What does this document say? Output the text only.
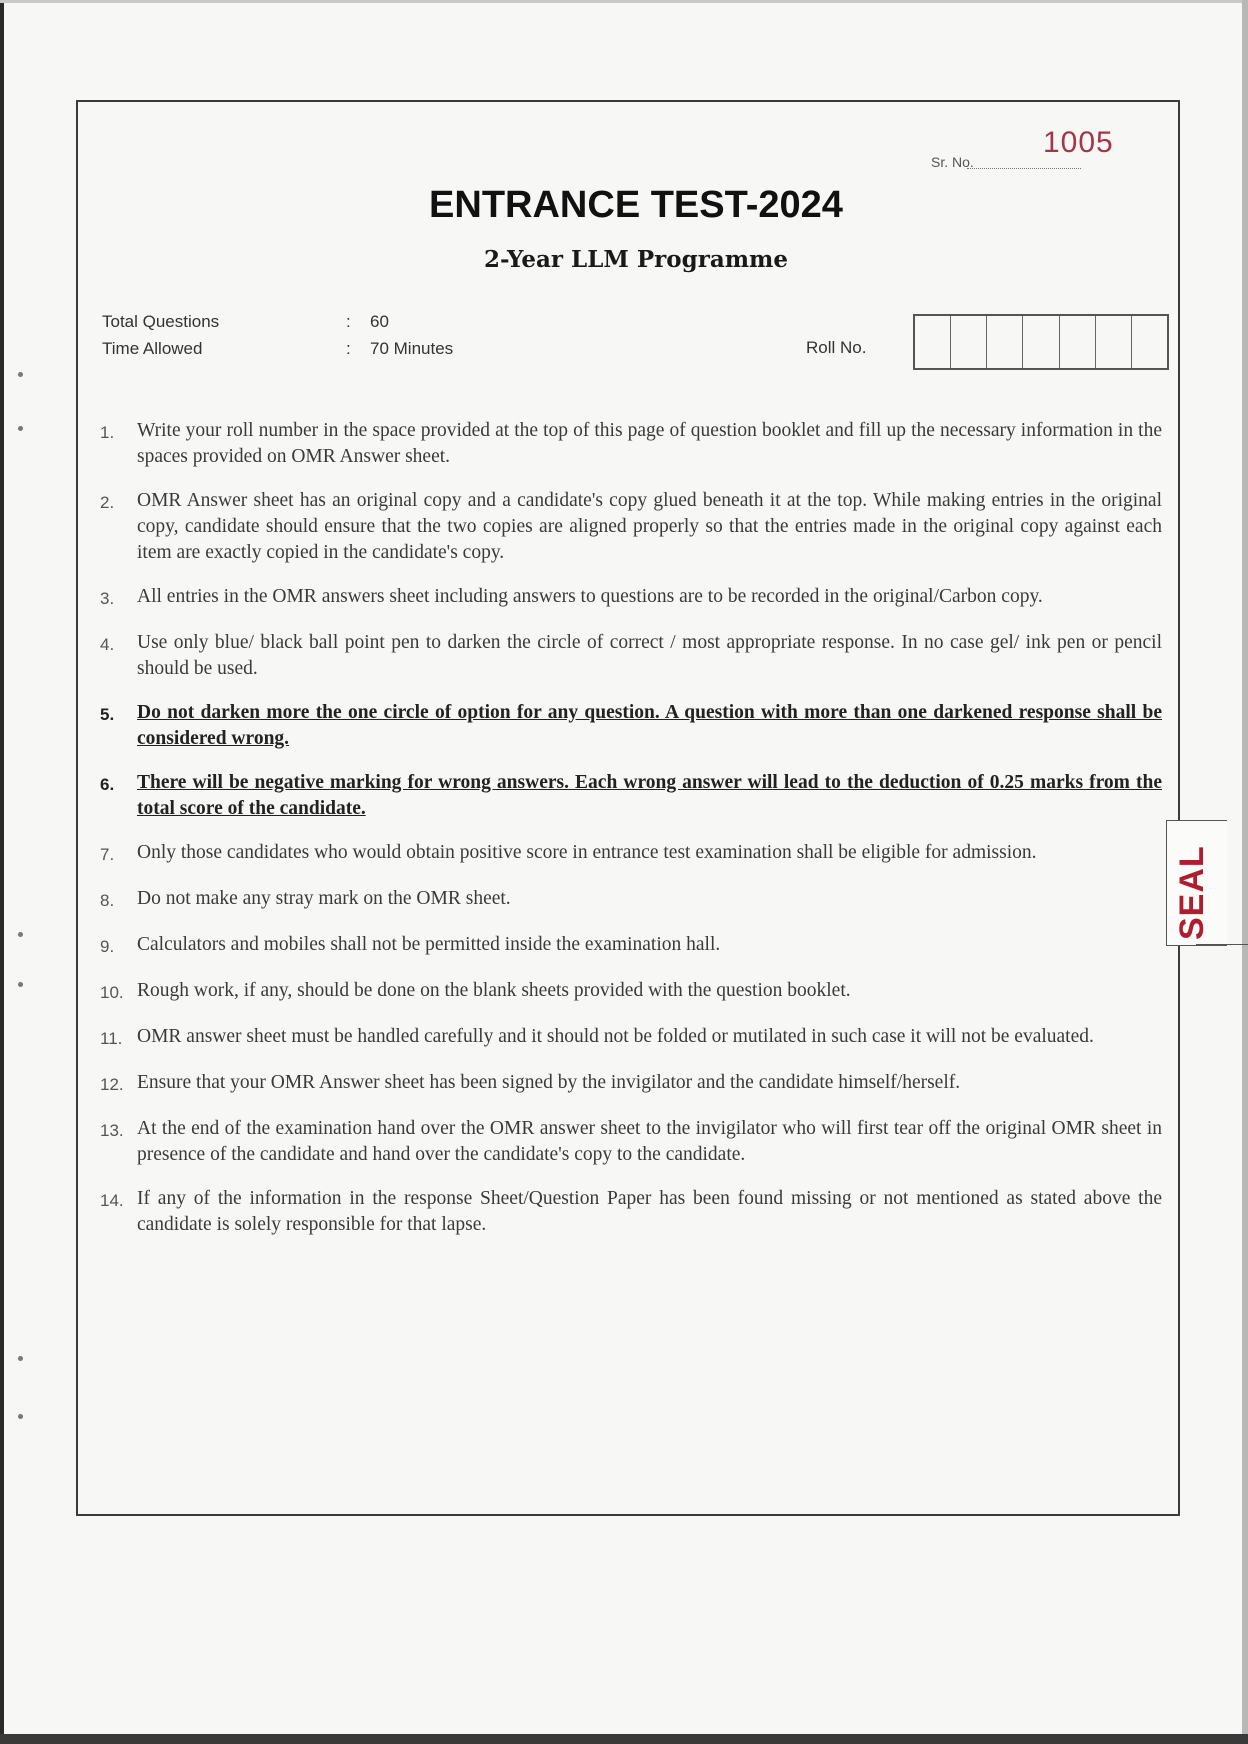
Sr. No.
1005
ENTRANCE TEST-2024
2-Year LLM Programme
Total Questions	: 60
Time Allowed	: 70 Minutes	Roll No.
1.	Write your roll number in the space provided at the top of this page of question booklet and fill up the necessary information in the spaces provided on OMR Answer sheet.
2.	OMR Answer sheet has an original copy and a candidate's copy glued beneath it at the top. While making entries in the original copy, candidate should ensure that the two copies are aligned properly so that the entries made in the original copy against each item are exactly copied in the candidate's copy.
3.	All entries in the OMR answers sheet including answers to questions are to be recorded in the original/Carbon copy.
4.	Use only blue/ black ball point pen to darken the circle of correct / most appropriate response. In no case gel/ ink pen or pencil should be used.
5.	Do not darken more the one circle of option for any question. A question with more than one darkened response shall be considered wrong.
6.	There will be negative marking for wrong answers. Each wrong answer will lead to the deduction of 0.25 marks from the total score of the candidate.
7.	Only those candidates who would obtain positive score in entrance test examination shall be eligible for admission.
8.	Do not make any stray mark on the OMR sheet.
9.	Calculators and mobiles shall not be permitted inside the examination hall.
10. Rough work, if any, should be done on the blank sheets provided with the question booklet.
11. OMR answer sheet must be handled carefully and it should not be folded or mutilated in such case it will not be evaluated.
12. Ensure that your OMR Answer sheet has been signed by the invigilator and the candidate himself/herself.
13. At the end of the examination hand over the OMR answer sheet to the invigilator who will first tear off the original OMR sheet in presence of the candidate and hand over the candidate's copy to the candidate.
14. If any of the information in the response Sheet/Question Paper has been found missing or not mentioned as stated above the candidate is solely responsible for that lapse.
SEAL
